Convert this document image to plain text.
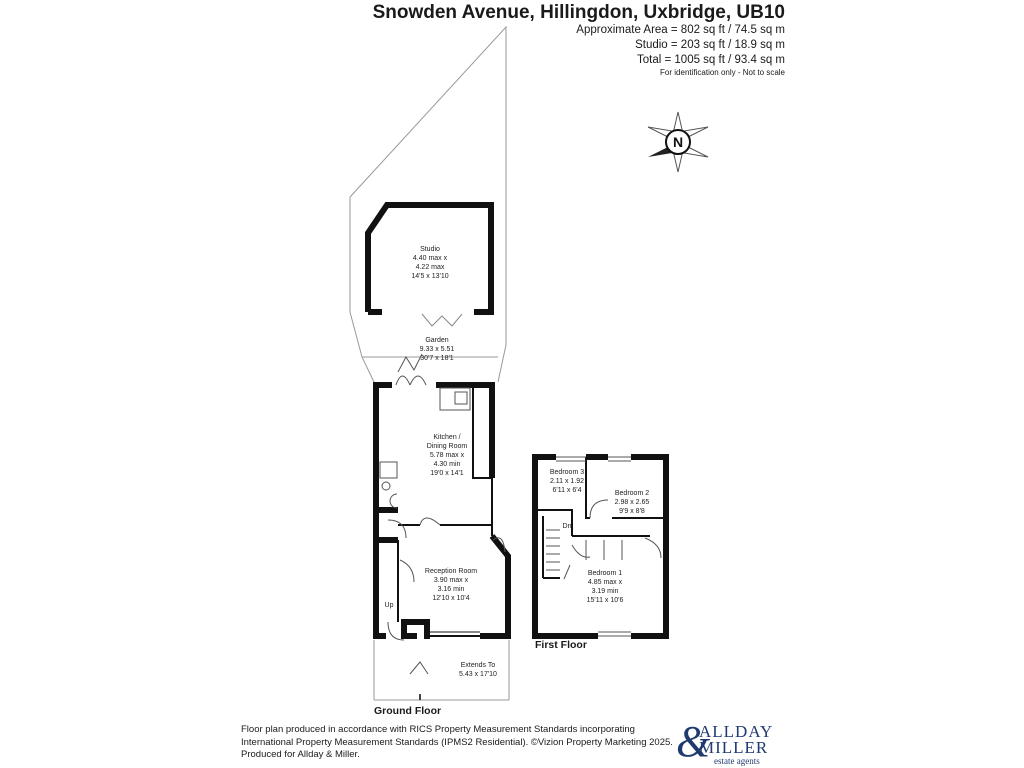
Snowden Avenue, Hillingdon, Uxbridge, UB10
Approximate Area = 802 sq ft / 74.5 sq m
Studio = 203 sq ft / 18.9 sq m
Total = 1005 sq ft / 93.4 sq m
For identification only - Not to scale
N
Studio
4.40 max x
4.22 max
14'5 x 13'10
Garden
9.33 x 5.51
30'7 x 18'1
Kitchen /
Dining Room
5.78 max x
4.30 min
19'0 x 14'1
Reception Room
3.90 max x
3.16 min
12'10 x 10'4
Extends To
5.43 x 17'10
Bedroom 3
2.11 x 1.92
6'11 x 6'4	Bedroom 2
2.98 x 2.65
9'9 x 8'8
Bedroom 1
4.85 max x
3.19 min
15'11 x 10'6
Up
Dn
Ground Floor
First Floor
Floor plan produced in accordance with RICS Property Measurement Standards incorporating
International Property Measurement Standards (IPMS2 Residential). ©Vizion Property Marketing 2025.
Produced for Allday & Miller.	&
ALLDAY
MILLER
estate agents
